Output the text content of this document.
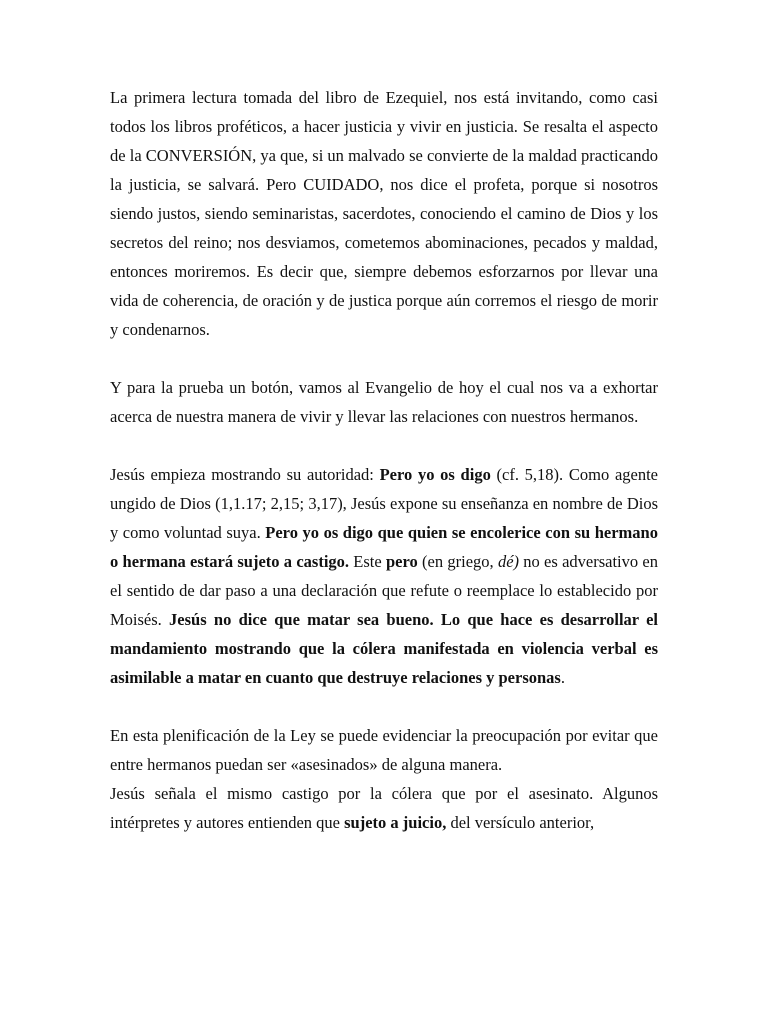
La primera lectura tomada del libro de Ezequiel, nos está invitando, como casi todos los libros proféticos, a hacer justicia y vivir en justicia. Se resalta el aspecto de la CONVERSIÓN, ya que, si un malvado se convierte de la maldad practicando la justicia, se salvará. Pero CUIDADO, nos dice el profeta, porque si nosotros siendo justos, siendo seminaristas, sacerdotes, conociendo el camino de Dios y los secretos del reino; nos desviamos, cometemos abominaciones, pecados y maldad, entonces moriremos. Es decir que, siempre debemos esforzarnos por llevar una vida de coherencia, de oración y de justica porque aún corremos el riesgo de morir y condenarnos.

Y para la prueba un botón, vamos al Evangelio de hoy el cual nos va a exhortar acerca de nuestra manera de vivir y llevar las relaciones con nuestros hermanos.

Jesús empieza mostrando su autoridad: Pero yo os digo (cf. 5,18). Como agente ungido de Dios (1,1.17; 2,15; 3,17), Jesús expone su enseñanza en nombre de Dios y como voluntad suya. Pero yo os digo que quien se encolerice con su hermano o hermana estará sujeto a castigo. Este pero (en griego, dé) no es adversativo en el sentido de dar paso a una declaración que refute o reemplace lo establecido por Moisés. Jesús no dice que matar sea bueno. Lo que hace es desarrollar el mandamiento mostrando que la cólera manifestada en violencia verbal es asimilable a matar en cuanto que destruye relaciones y personas.

En esta plenificación de la Ley se puede evidenciar la preocupación por evitar que entre hermanos puedan ser «asesinados» de alguna manera.

Jesús señala el mismo castigo por la cólera que por el asesinato. Algunos intérpretes y autores entienden que sujeto a juicio, del versículo anterior,
